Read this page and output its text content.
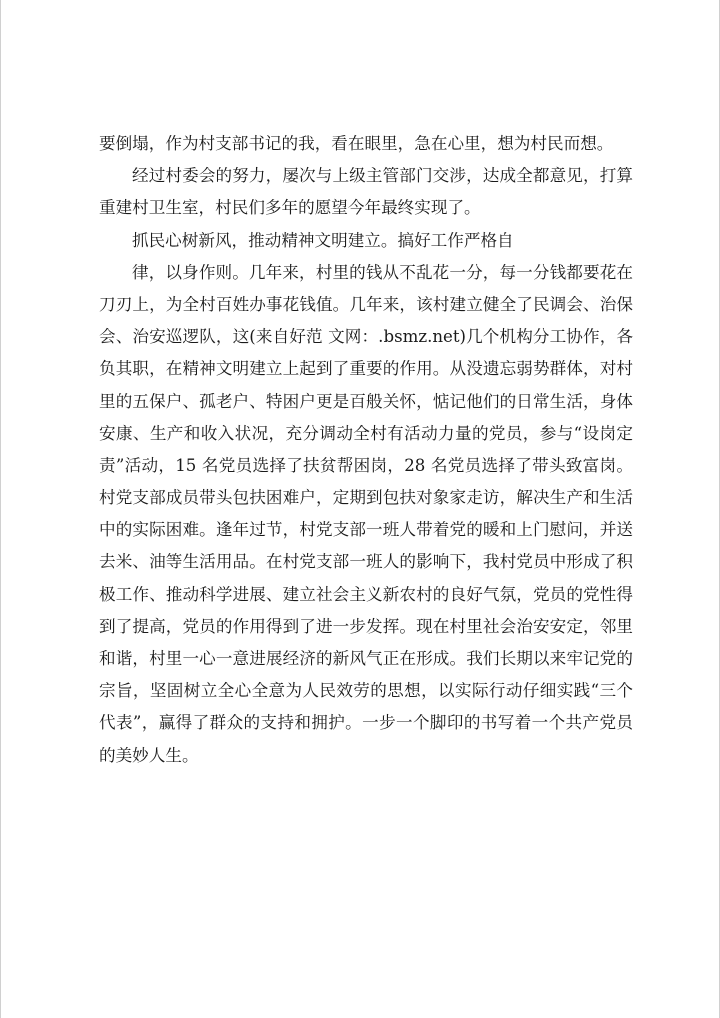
要倒塌，作为村支部书记的我，看在眼里，急在心里，想为村民而想。
经过村委会的努力，屡次与上级主管部门交涉，达成全都意见，打算
重建村卫生室，村民们多年的愿望今年最终实现了。
抓民心树新风，推动精神文明建立。搞好工作严格自
律，以身作则。几年来，村里的钱从不乱花一分，每一分钱都要花在
刀刃上，为全村百姓办事花钱值。几年来，该村建立健全了民调会、治保
会、治安巡逻队，这(来自好范 文网：.bsmz.net)几个机构分工协作，各
负其职，在精神文明建立上起到了重要的作用。从没遗忘弱势群体，对村
里的五保户、孤老户、特困户更是百般关怀，惦记他们的日常生活，身体
安康、生产和收入状况，充分调动全村有活动力量的党员，参与“设岗定
责”活动，15 名党员选择了扶贫帮困岗，28 名党员选择了带头致富岗。
村党支部成员带头包扶困难户，定期到包扶对象家走访，解决生产和生活
中的实际困难。逢年过节，村党支部一班人带着党的暖和上门慰问，并送
去米、油等生活用品。在村党支部一班人的影响下，我村党员中形成了积
极工作、推动科学进展、建立社会主义新农村的良好气氛，党员的党性得
到了提高，党员的作用得到了进一步发挥。现在村里社会治安安定，邻里
和谐，村里一心一意进展经济的新风气正在形成。我们长期以来牢记党的
宗旨，坚固树立全心全意为人民效劳的思想，以实际行动仔细实践“三个
代表”，赢得了群众的支持和拥护。一步一个脚印的书写着一个共产党员
的美妙人生。
